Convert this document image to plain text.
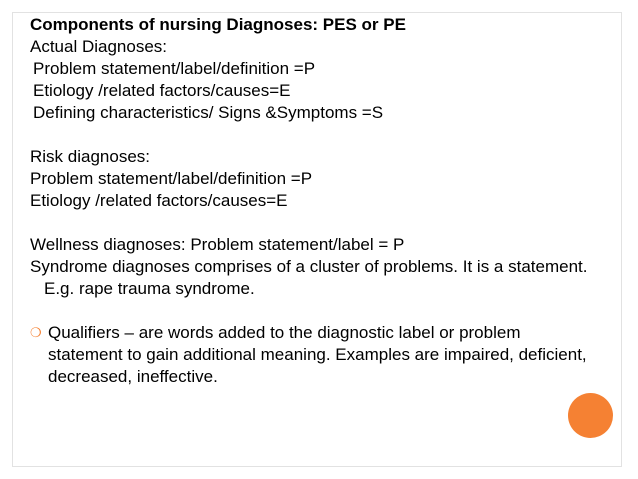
Components of nursing Diagnoses: PES or PE
Actual Diagnoses:
Problem statement/label/definition =P
Etiology /related factors/causes=E
Defining characteristics/ Signs &Symptoms =S
Risk diagnoses:
Problem statement/label/definition =P
Etiology /related factors/causes=E
Wellness diagnoses: Problem statement/label = P
Syndrome diagnoses comprises of a cluster of problems. It is a statement. E.g. rape trauma syndrome.
❍ Qualifiers – are words added to the diagnostic label or problem statement to gain additional meaning. Examples are impaired, deficient, decreased, ineffective.
